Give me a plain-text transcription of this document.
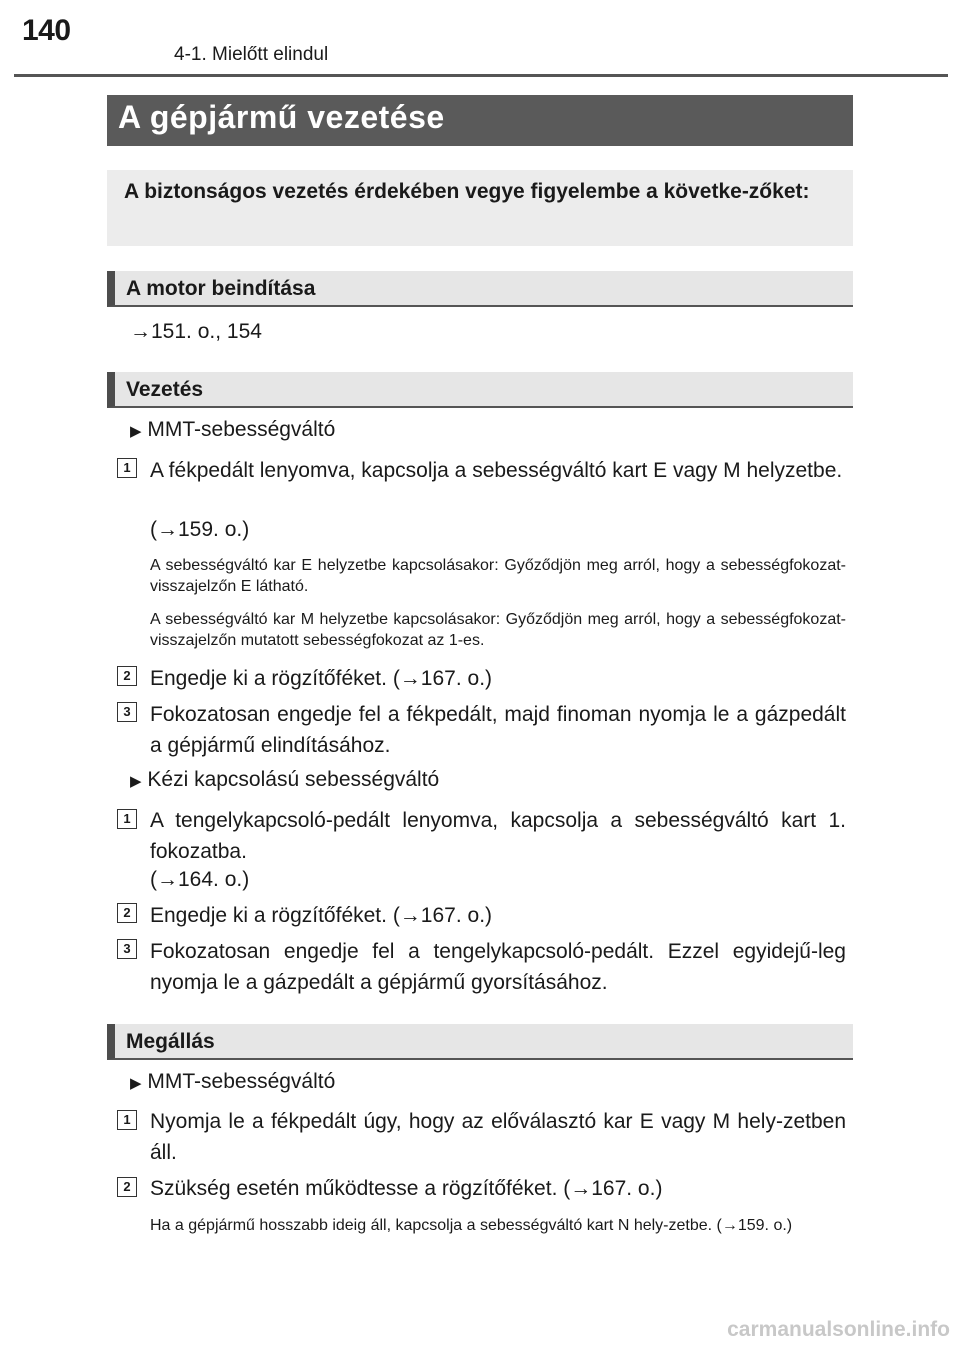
140
4-1. Mielőtt elindul
A gépjármű vezetése
A biztonságos vezetés érdekében vegye figyelembe a követke-zőket:
A motor beindítása
→151. o., 154
Vezetés
▶ MMT-sebességváltó
1 A fékpedált lenyomva, kapcsolja a sebességváltó kart E vagy M helyzetbe.
(→159. o.)
A sebességváltó kar E helyzetbe kapcsolásakor: Győződjön meg arról, hogy a sebességfokozat-visszajelzőn E látható.
A sebességváltó kar M helyzetbe kapcsolásakor: Győződjön meg arról, hogy a sebességfokozat-visszajelzőn mutatott sebességfokozat az 1-es.
2 Engedje ki a rögzítőféket. (→167. o.)
3 Fokozatosan engedje fel a fékpedált, majd finoman nyomja le a gázpedált a gépjármű elindításához.
▶ Kézi kapcsolású sebességváltó
1 A tengelykapcsoló-pedált lenyomva, kapcsolja a sebességváltó kart 1. fokozatba.
(→164. o.)
2 Engedje ki a rögzítőféket. (→167. o.)
3 Fokozatosan engedje fel a tengelykapcsoló-pedált. Ezzel egyidejű-leg nyomja le a gázpedált a gépjármű gyorsításához.
Megállás
▶ MMT-sebességváltó
1 Nyomja le a fékpedált úgy, hogy az előválasztó kar E vagy M hely-zetben áll.
2 Szükség esetén működtesse a rögzítőféket. (→167. o.)
Ha a gépjármű hosszabb ideig áll, kapcsolja a sebességváltó kart N hely-zetbe. (→159. o.)
carmanualsonline.info
